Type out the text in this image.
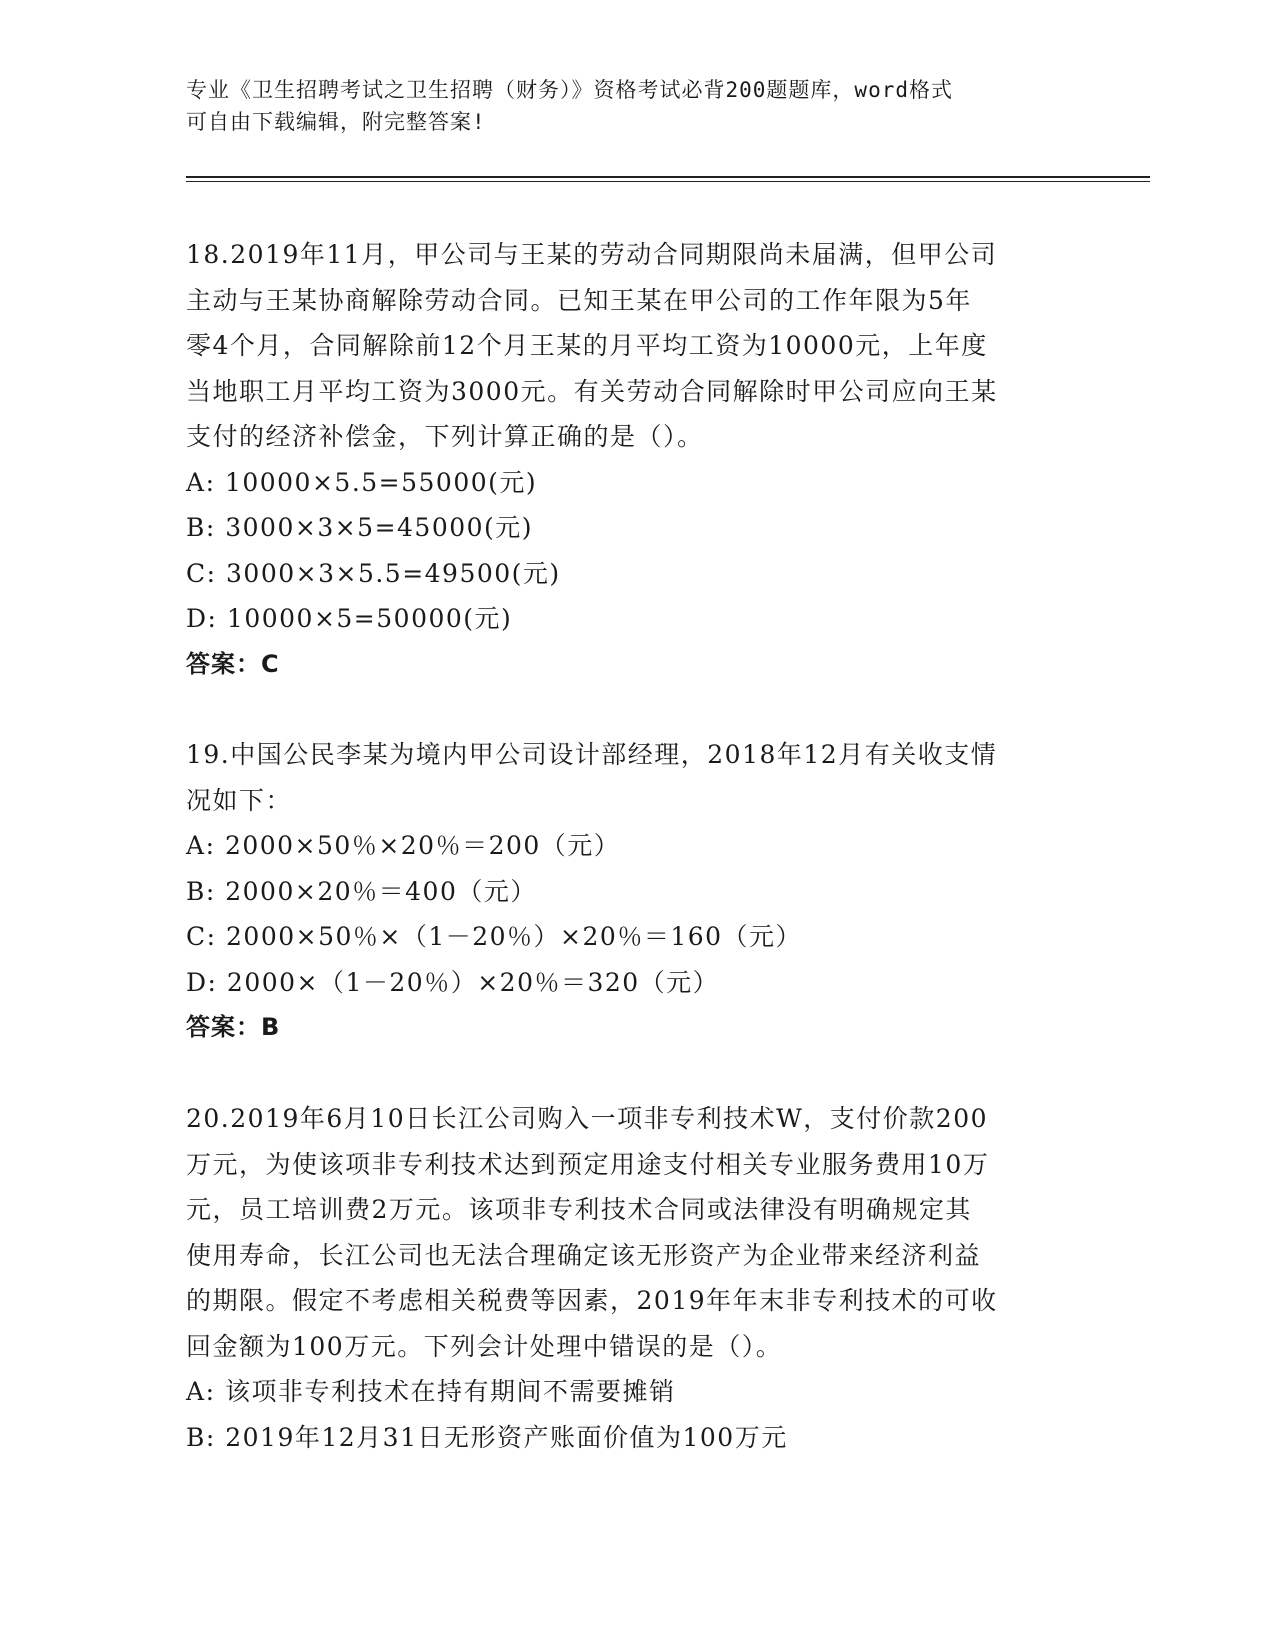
专业《卫生招聘考试之卫生招聘（财务）》资格考试必背200题题库，word格式
可自由下载编辑，附完整答案!
18.2019年11月，甲公司与王某的劳动合同期限尚未届满，但甲公司
主动与王某协商解除劳动合同。已知王某在甲公司的工作年限为5年
零4个月，合同解除前12个月王某的月平均工资为10000元，上年度
当地职工月平均工资为3000元。有关劳动合同解除时甲公司应向王某
支付的经济补偿金，下列计算正确的是（）。
A: 10000×5.5=55000(元)
B: 3000×3×5=45000(元)
C: 3000×3×5.5=49500(元)
D: 10000×5=50000(元)
答案：C
19.中国公民李某为境内甲公司设计部经理，2018年12月有关收支情
况如下：
A: 2000×50％×20％＝200（元）
B: 2000×20％＝400（元）
C: 2000×50％×（1－20％）×20％＝160（元）
D: 2000×（1－20％）×20％＝320（元）
答案：B
20.2019年6月10日长江公司购入一项非专利技术W，支付价款200
万元，为使该项非专利技术达到预定用途支付相关专业服务费用10万
元，员工培训费2万元。该项非专利技术合同或法律没有明确规定其
使用寿命，长江公司也无法合理确定该无形资产为企业带来经济利益
的期限。假定不考虑相关税费等因素，2019年年末非专利技术的可收
回金额为100万元。下列会计处理中错误的是（）。
A: 该项非专利技术在持有期间不需要摊销
B: 2019年12月31日无形资产账面价值为100万元
